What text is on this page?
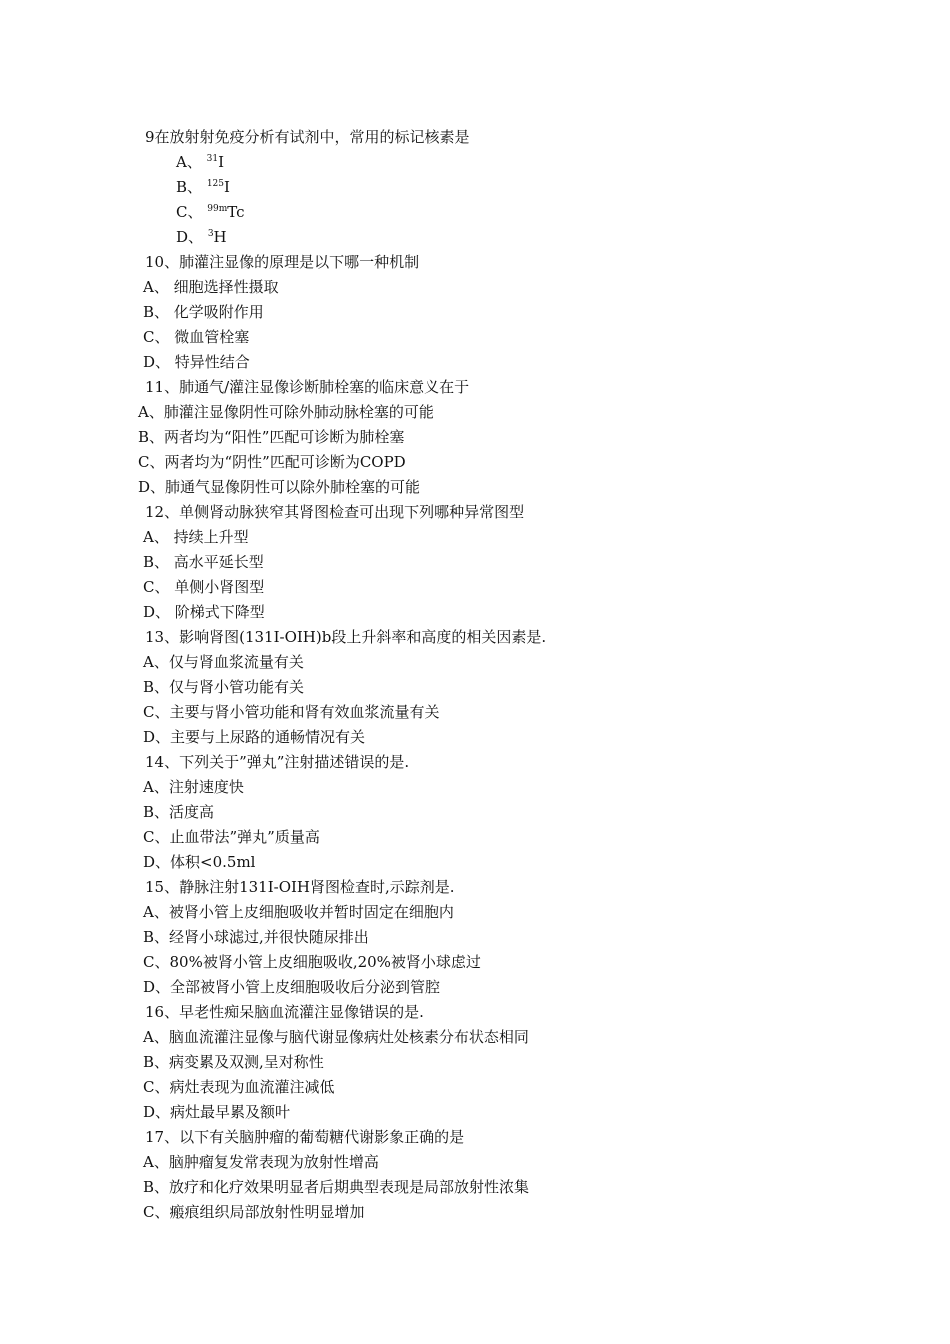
9在放射射免疫分析有试剂中，常用的标记核素是
A、 $^{31}$I
B、 $^{125}$I
C、 $^{99m}$Tc
D、 $^3$H
10、肺灌注显像的原理是以下哪一种机制
A、 细胞选择性摄取
B、 化学吸附作用
C、 微血管栓塞
D、 特异性结合
11、肺通气/灌注显像诊断肺栓塞的临床意义在于
A、肺灌注显像阴性可除外肺动脉栓塞的可能
B、两者均为“阳性”匹配可诊断为肺栓塞
C、两者均为“阴性”匹配可诊断为COPD
D、肺通气显像阴性可以除外肺栓塞的可能
12、单侧肾动脉狭窄其肾图检查可出现下列哪种异常图型
A、 持续上升型
B、 高水平延长型
C、 单侧小肾图型
D、 阶梯式下降型
13、影响肾图(131I-OIH)b段上升斜率和高度的相关因素是.
A、仅与肾血浆流量有关
B、仅与肾小管功能有关
C、主要与肾小管功能和肾有效血浆流量有关
D、主要与上尿路的通畅情况有关
14、下列关于”弹丸”注射描述错误的是.
A、注射速度快
B、活度高
C、止血带法”弹丸”质量高
D、体积<0.5ml
15、静脉注射131I-OIH肾图检查时,示踪剂是.
A、被肾小管上皮细胞吸收并暂时固定在细胞内
B、经肾小球滤过,并很快随尿排出
C、80%被肾小管上皮细胞吸收,20%被肾小球虑过
D、全部被肾小管上皮细胞吸收后分泌到管腔
16、早老性痴呆脑血流灌注显像错误的是.
A、脑血流灌注显像与脑代谢显像病灶处核素分布状态相同
B、病变累及双测,呈对称性
C、病灶表现为血流灌注减低
D、病灶最早累及额叶
17、以下有关脑肿瘤的葡萄糖代谢影象正确的是
A、脑肿瘤复发常表现为放射性增高
B、放疗和化疗效果明显者后期典型表现是局部放射性浓集
C、瘢痕组织局部放射性明显增加
